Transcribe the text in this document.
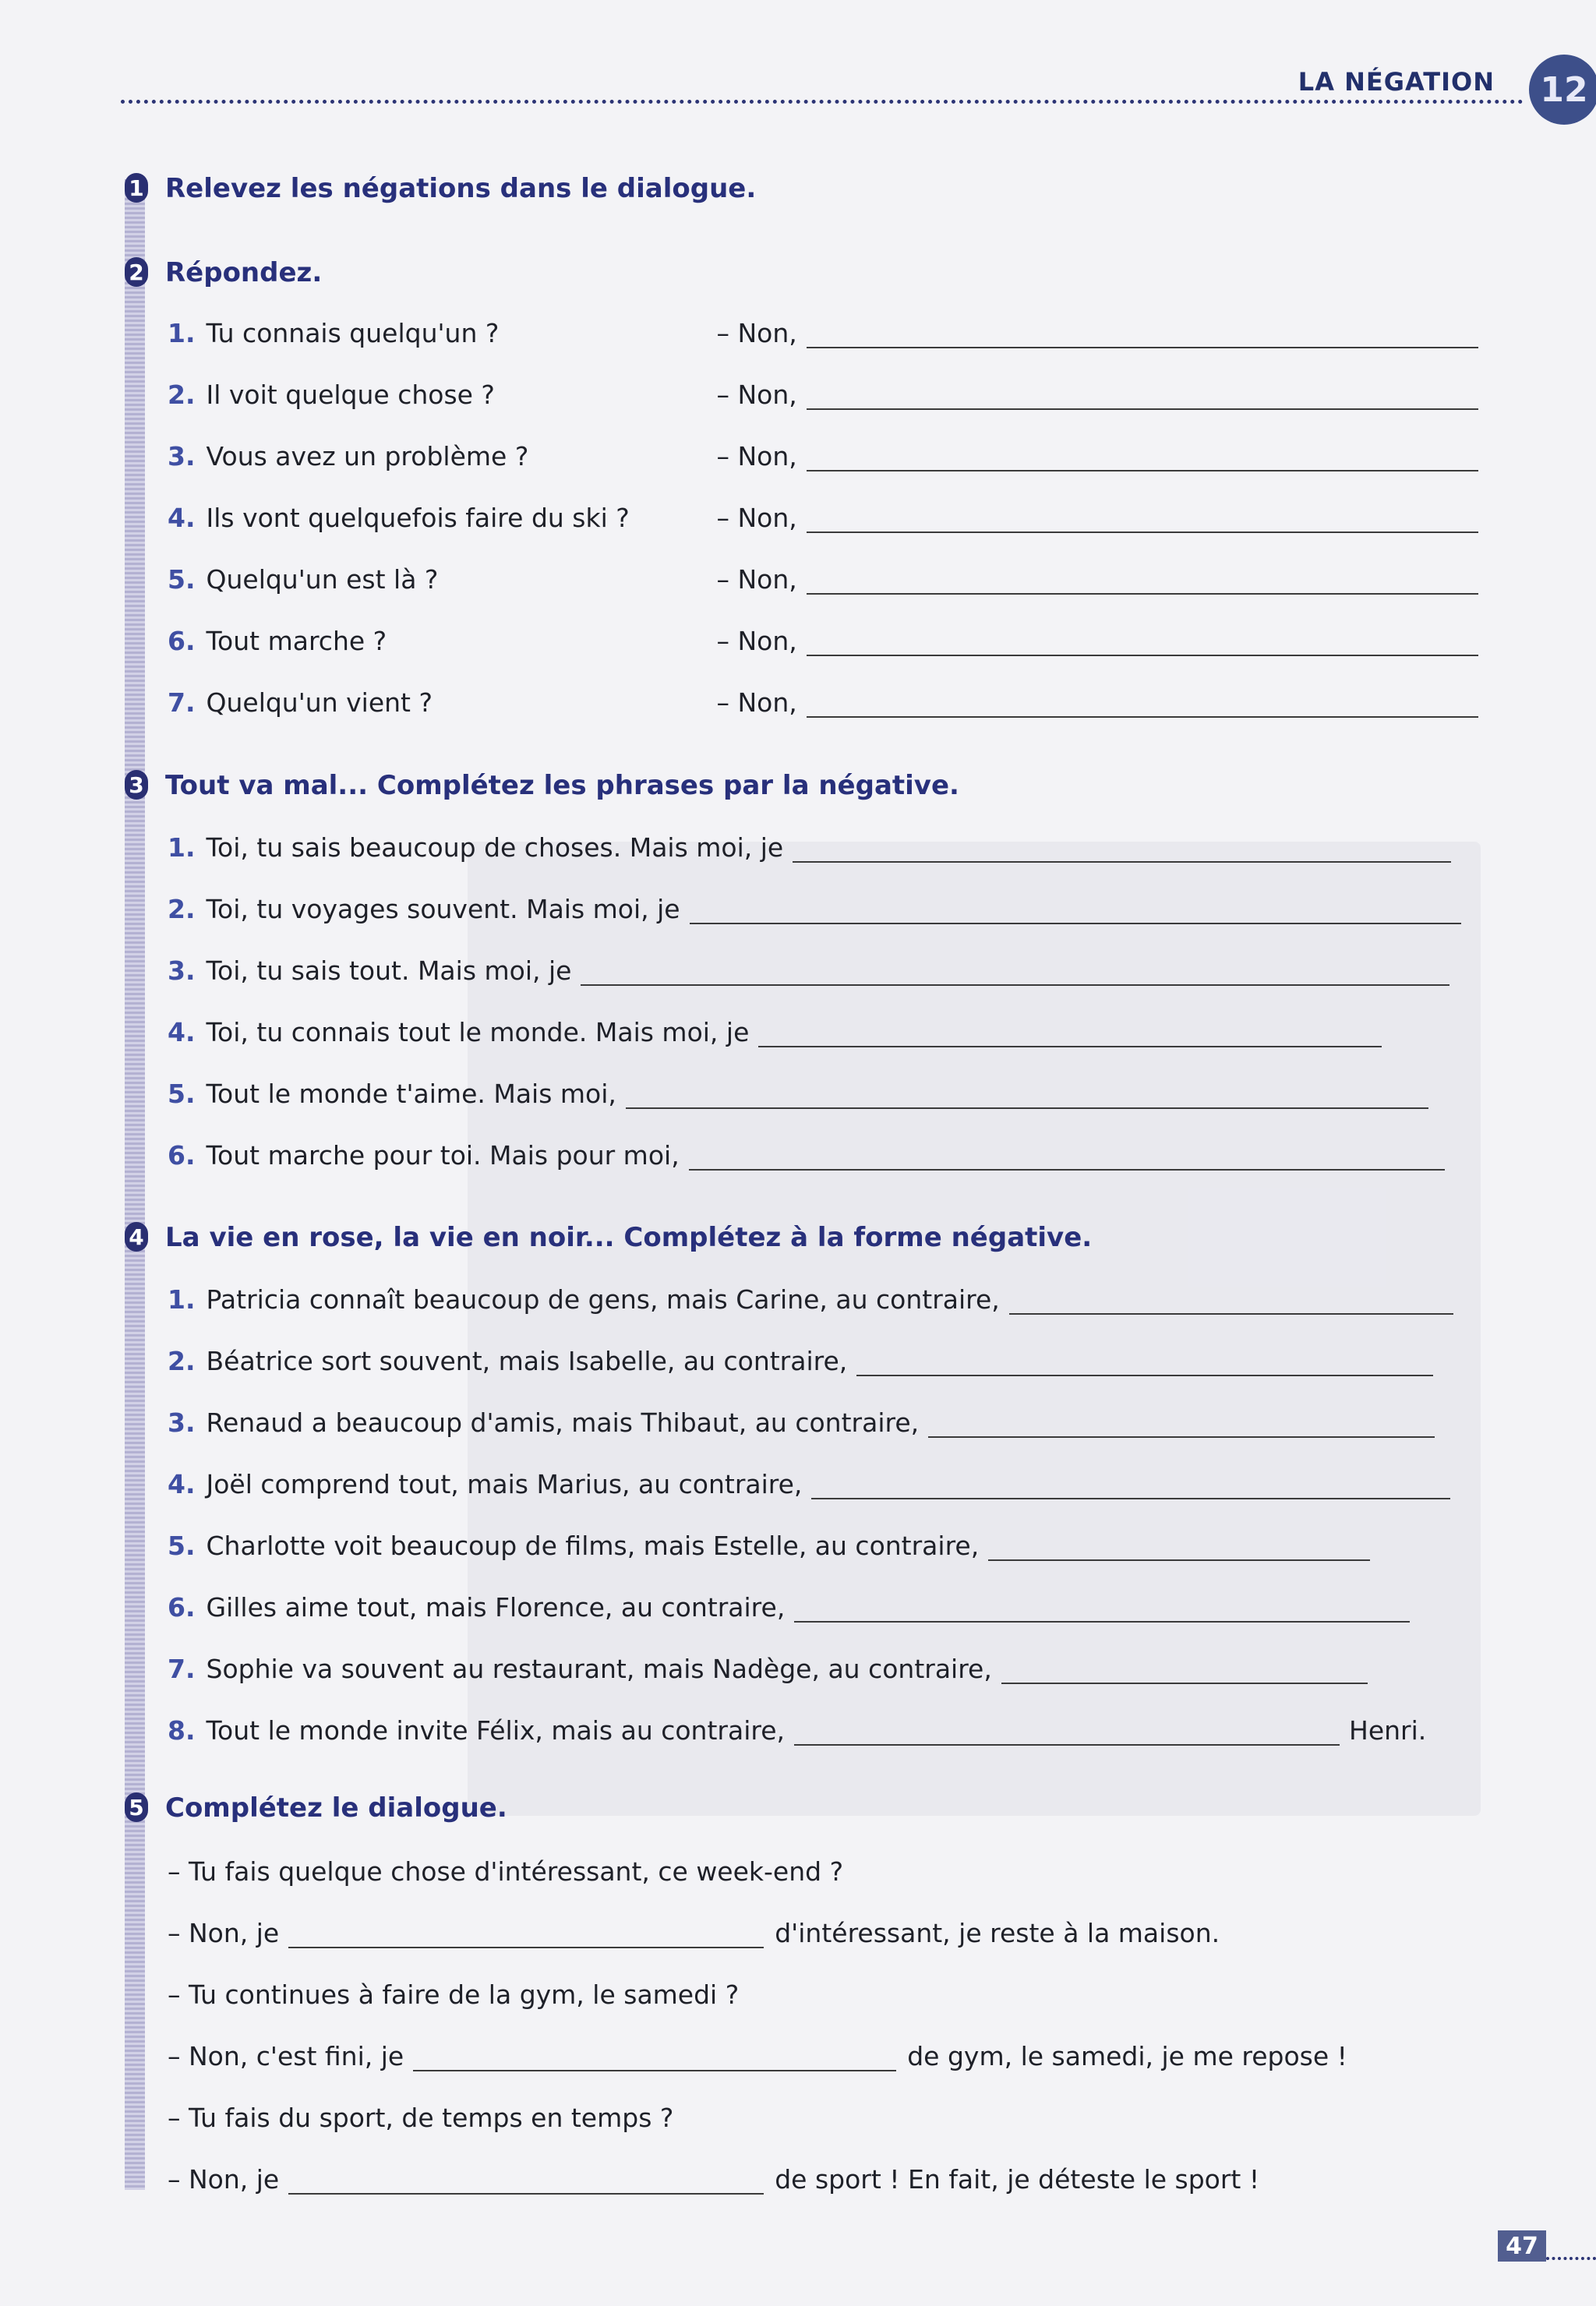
LA NÉGATION	12
1 Relevez les négations dans le dialogue.
2 Répondez.
1. Tu connais quelqu'un ?	– Non,
2. Il voit quelque chose ?	– Non,
3. Vous avez un problème ?	– Non,
4. Ils vont quelquefois faire du ski ?	– Non,
5. Quelqu'un est là ?	– Non,
6. Tout marche ?	– Non,
7. Quelqu'un vient ?	– Non,
3 Tout va mal... Complétez les phrases par la négative.
1. Toi, tu sais beaucoup de choses. Mais moi, je
2. Toi, tu voyages souvent. Mais moi, je
3. Toi, tu sais tout. Mais moi, je
4. Toi, tu connais tout le monde. Mais moi, je
5. Tout le monde t'aime. Mais moi,
6. Tout marche pour toi. Mais pour moi,
4 La vie en rose, la vie en noir... Complétez à la forme négative.
1. Patricia connaît beaucoup de gens, mais Carine, au contraire,
2. Béatrice sort souvent, mais Isabelle, au contraire,
3. Renaud a beaucoup d'amis, mais Thibaut, au contraire,
4. Joël comprend tout, mais Marius, au contraire,
5. Charlotte voit beaucoup de films, mais Estelle, au contraire,
6. Gilles aime tout, mais Florence, au contraire,
7. Sophie va souvent au restaurant, mais Nadège, au contraire,
8. Tout le monde invite Félix, mais au contraire,	Henri.
5 Complétez le dialogue.
– Tu fais quelque chose d'intéressant, ce week-end ?
– Non, je	d'intéressant, je reste à la maison.
– Tu continues à faire de la gym, le samedi ?
– Non, c'est fini, je	de gym, le samedi, je me repose !
– Tu fais du sport, de temps en temps ?
– Non, je	de sport ! En fait, je déteste le sport !
47
